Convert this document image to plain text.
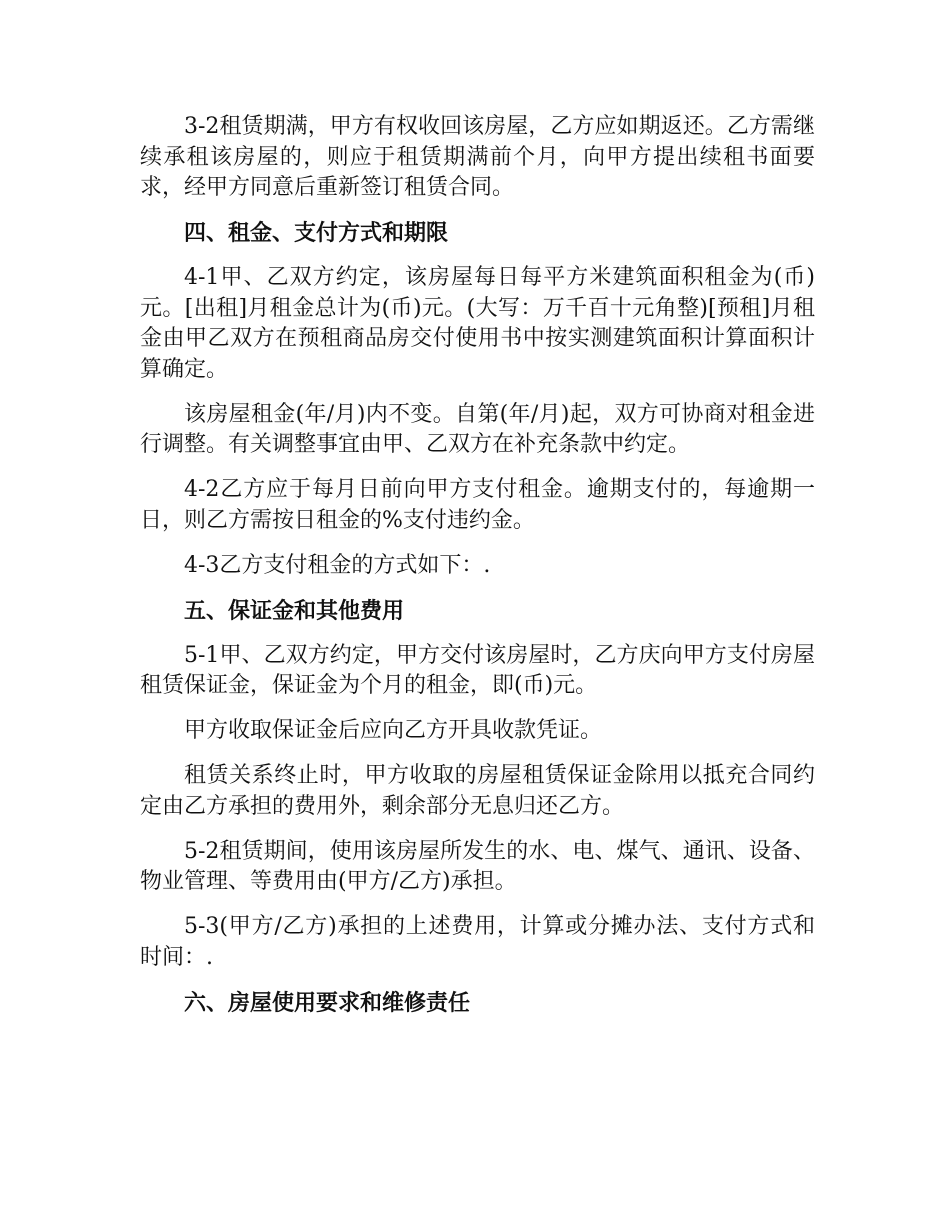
3-2租赁期满，甲方有权收回该房屋，乙方应如期返还。乙方需继续承租该房屋的，则应于租赁期满前个月，向甲方提出续租书面要求，经甲方同意后重新签订租赁合同。

四、租金、支付方式和期限

4-1甲、乙双方约定，该房屋每日每平方米建筑面积租金为(币)元。[出租]月租金总计为(币)元。(大写：万千百十元角整)[预租]月租金由甲乙双方在预租商品房交付使用书中按实测建筑面积计算面积计算确定。

该房屋租金(年/月)内不变。自第(年/月)起，双方可协商对租金进行调整。有关调整事宜由甲、乙双方在补充条款中约定。

4-2乙方应于每月日前向甲方支付租金。逾期支付的，每逾期一日，则乙方需按日租金的%支付违约金。

4-3乙方支付租金的方式如下：.

五、保证金和其他费用

5-1甲、乙双方约定，甲方交付该房屋时，乙方庆向甲方支付房屋租赁保证金，保证金为个月的租金，即(币)元。

甲方收取保证金后应向乙方开具收款凭证。

租赁关系终止时，甲方收取的房屋租赁保证金除用以抵充合同约定由乙方承担的费用外，剩余部分无息归还乙方。

5-2租赁期间，使用该房屋所发生的水、电、煤气、通讯、设备、物业管理、等费用由(甲方/乙方)承担。

5-3(甲方/乙方)承担的上述费用，计算或分摊办法、支付方式和时间：.

六、房屋使用要求和维修责任
